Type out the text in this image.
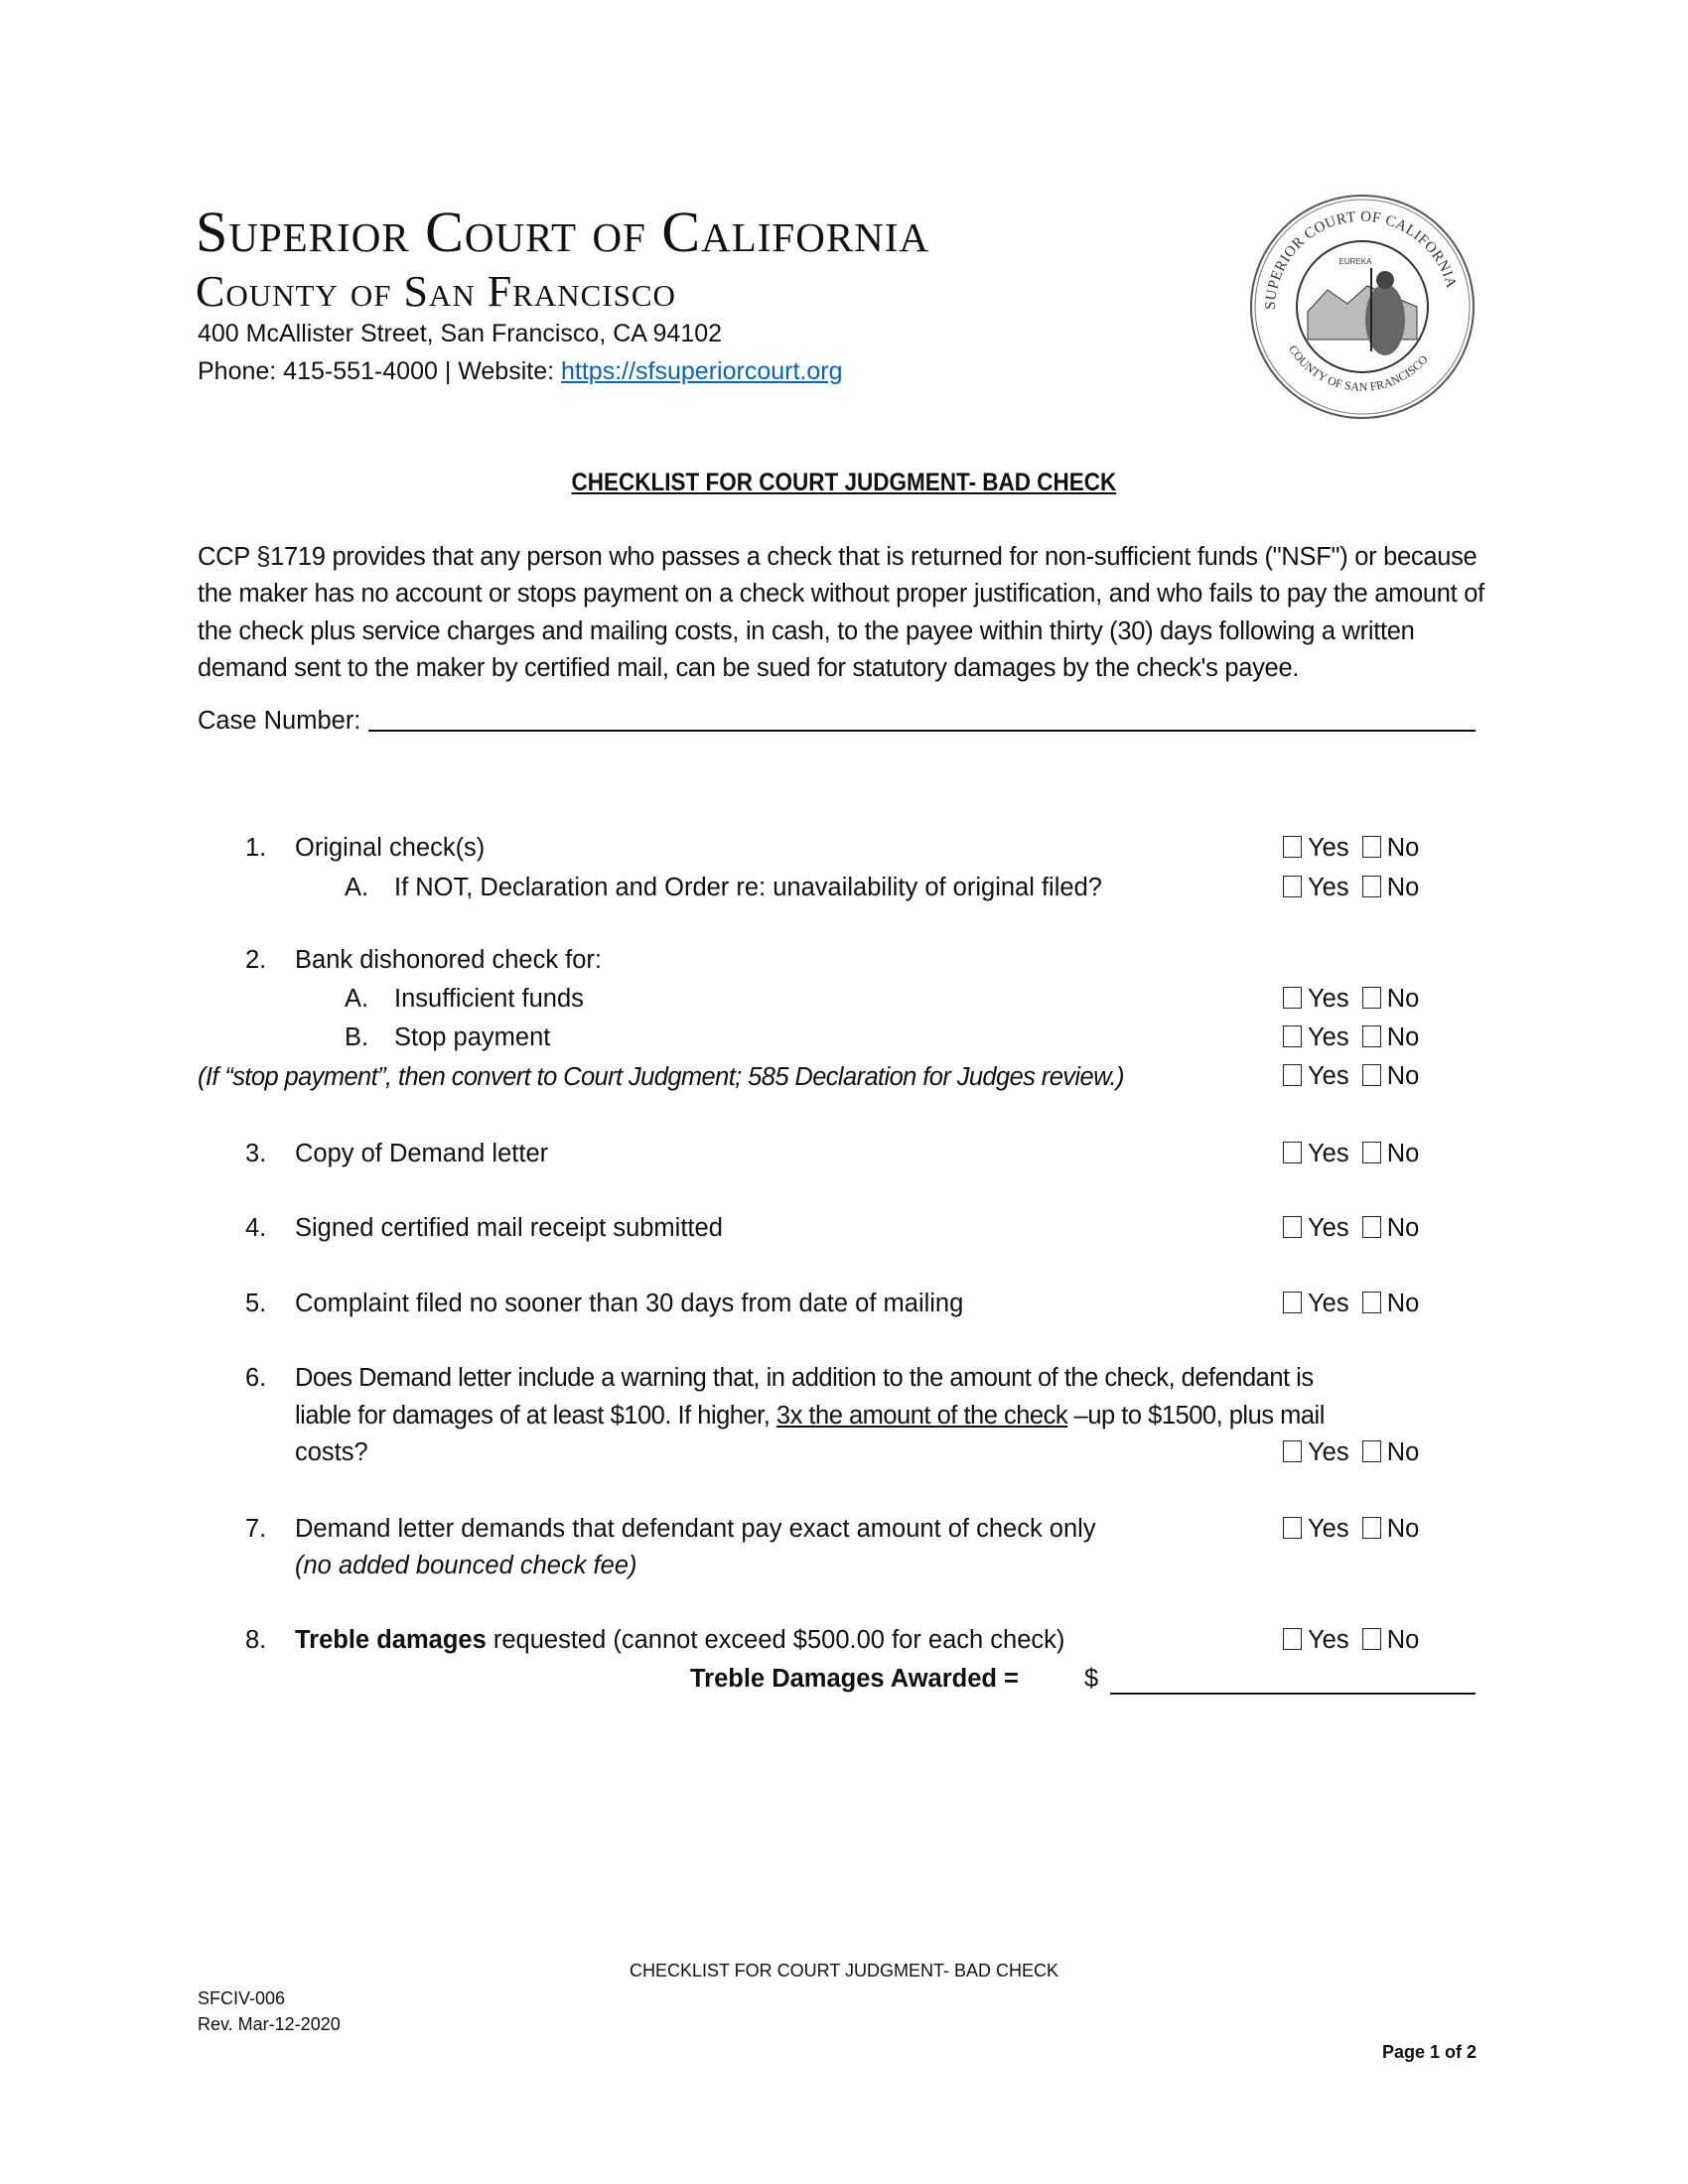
Superior Court of California
County of San Francisco
400 McAllister Street, San Francisco, CA 94102
Phone: 415-551-4000 | Website: https://sfsuperiorcourt.org
SUPERIOR COURT OF CALIFORNIA
COUNTY OF SAN FRANCISCO
EUREKA
CHECKLIST FOR COURT JUDGMENT- BAD CHECK
CCP §1719 provides that any person who passes a check that is returned for non-sufficient funds ("NSF") or because the maker has no account or stops payment on a check without proper justification, and who fails to pay the amount of the check plus service charges and mailing costs, in cash, to the payee within thirty (30) days following a written demand sent to the maker by certified mail, can be sued for statutory damages by the check's payee.
Case Number:
1. Original check(s)
A. If NOT, Declaration and Order re: unavailability of original filed?
2. Bank dishonored check for:
A. Insufficient funds
B. Stop payment
(If “stop payment”, then convert to Court Judgment; 585 Declaration for Judges review.)
3. Copy of Demand letter
4. Signed certified mail receipt submitted
5. Complaint filed no sooner than 30 days from date of mailing
6. Does Demand letter include a warning that, in addition to the amount of the check, defendant is
liable for damages of at least $100. If higher, 3x the amount of the check –up to $1500, plus mail
costs?
7. Demand letter demands that defendant pay exact amount of check only
(no added bounced check fee)
8. Treble damages requested (cannot exceed $500.00 for each check)
Treble Damages Awarded =	$
Yes No
Yes No
Yes No
Yes No
Yes No
Yes No
Yes No
Yes No
Yes No
Yes No
Yes No
CHECKLIST FOR COURT JUDGMENT- BAD CHECK
SFCIV-006
Rev. Mar-12-2020
Page 1 of 2
